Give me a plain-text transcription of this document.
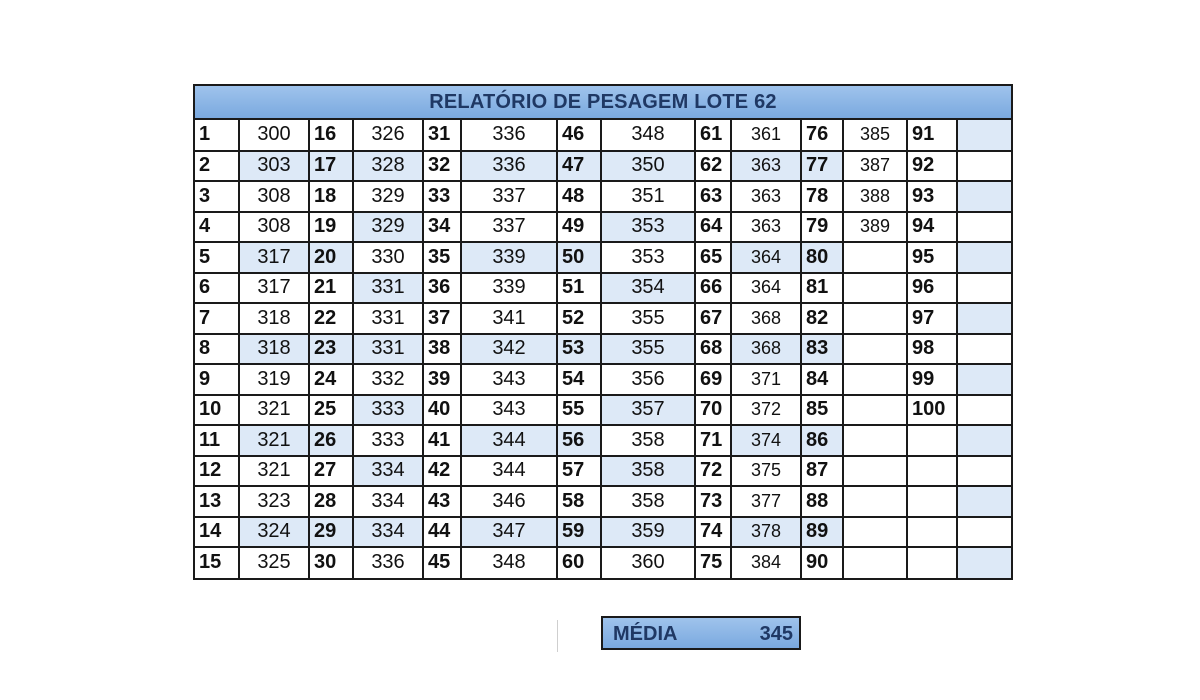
RELATÓRIO DE PESAGEM LOTE 62
1	300	16	326	31	336	46	348	61	361	76	385	91	
2	303	17	328	32	336	47	350	62	363	77	387	92	
3	308	18	329	33	337	48	351	63	363	78	388	93	
4	308	19	329	34	337	49	353	64	363	79	389	94	
5	317	20	330	35	339	50	353	65	364	80		95	
6	317	21	331	36	339	51	354	66	364	81		96	
7	318	22	331	37	341	52	355	67	368	82		97	
8	318	23	331	38	342	53	355	68	368	83		98	
9	319	24	332	39	343	54	356	69	371	84		99	
10	321	25	333	40	343	55	357	70	372	85		100	
11	321	26	333	41	344	56	358	71	374	86			
12	321	27	334	42	344	57	358	72	375	87			
13	323	28	334	43	346	58	358	73	377	88			
14	324	29	334	44	347	59	359	74	378	89			
15	325	30	336	45	348	60	360	75	384	90			
MÉDIA	345
